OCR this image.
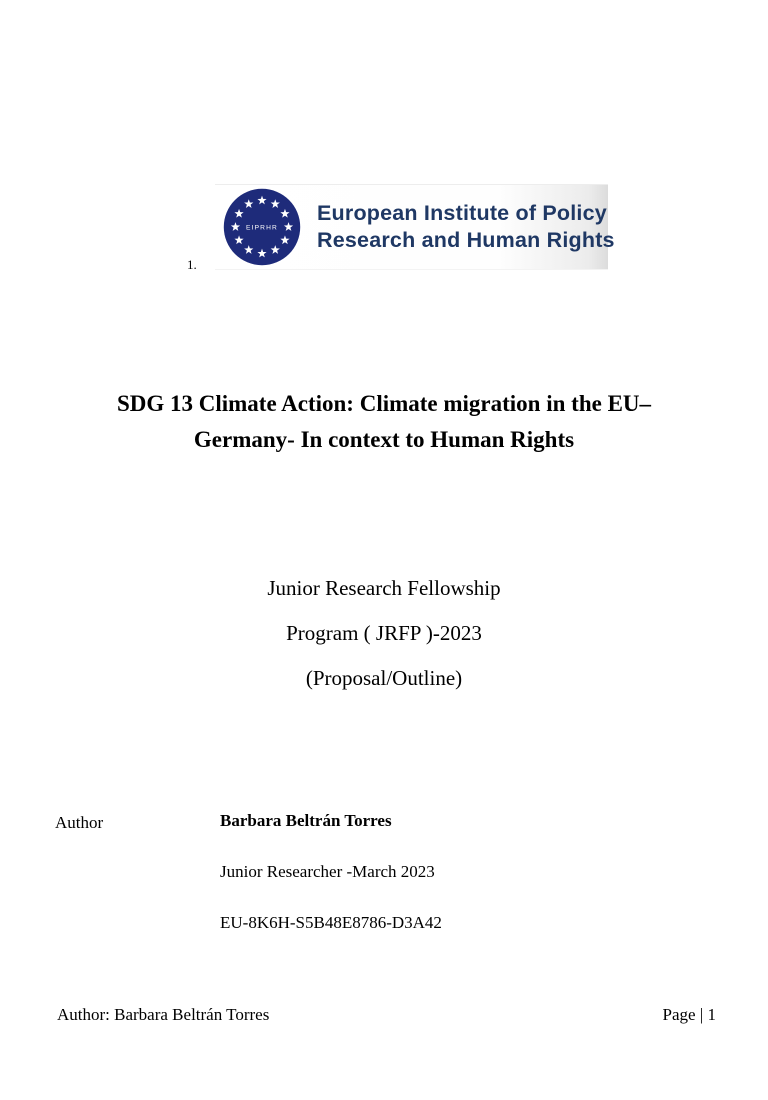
1.
EIPRHR
European Institute of Policy
Research and Human Rights
SDG 13 Climate Action: Climate migration in the EU–
Germany- In context to Human Rights
Junior Research Fellowship
Program ( JRFP )-2023
(Proposal/Outline)
Author	Barbara Beltrán Torres
Junior Researcher -March 2023
EU-8K6H-S5B48E8786-D3A42
Author: Barbara Beltrán Torres	Page | 1
